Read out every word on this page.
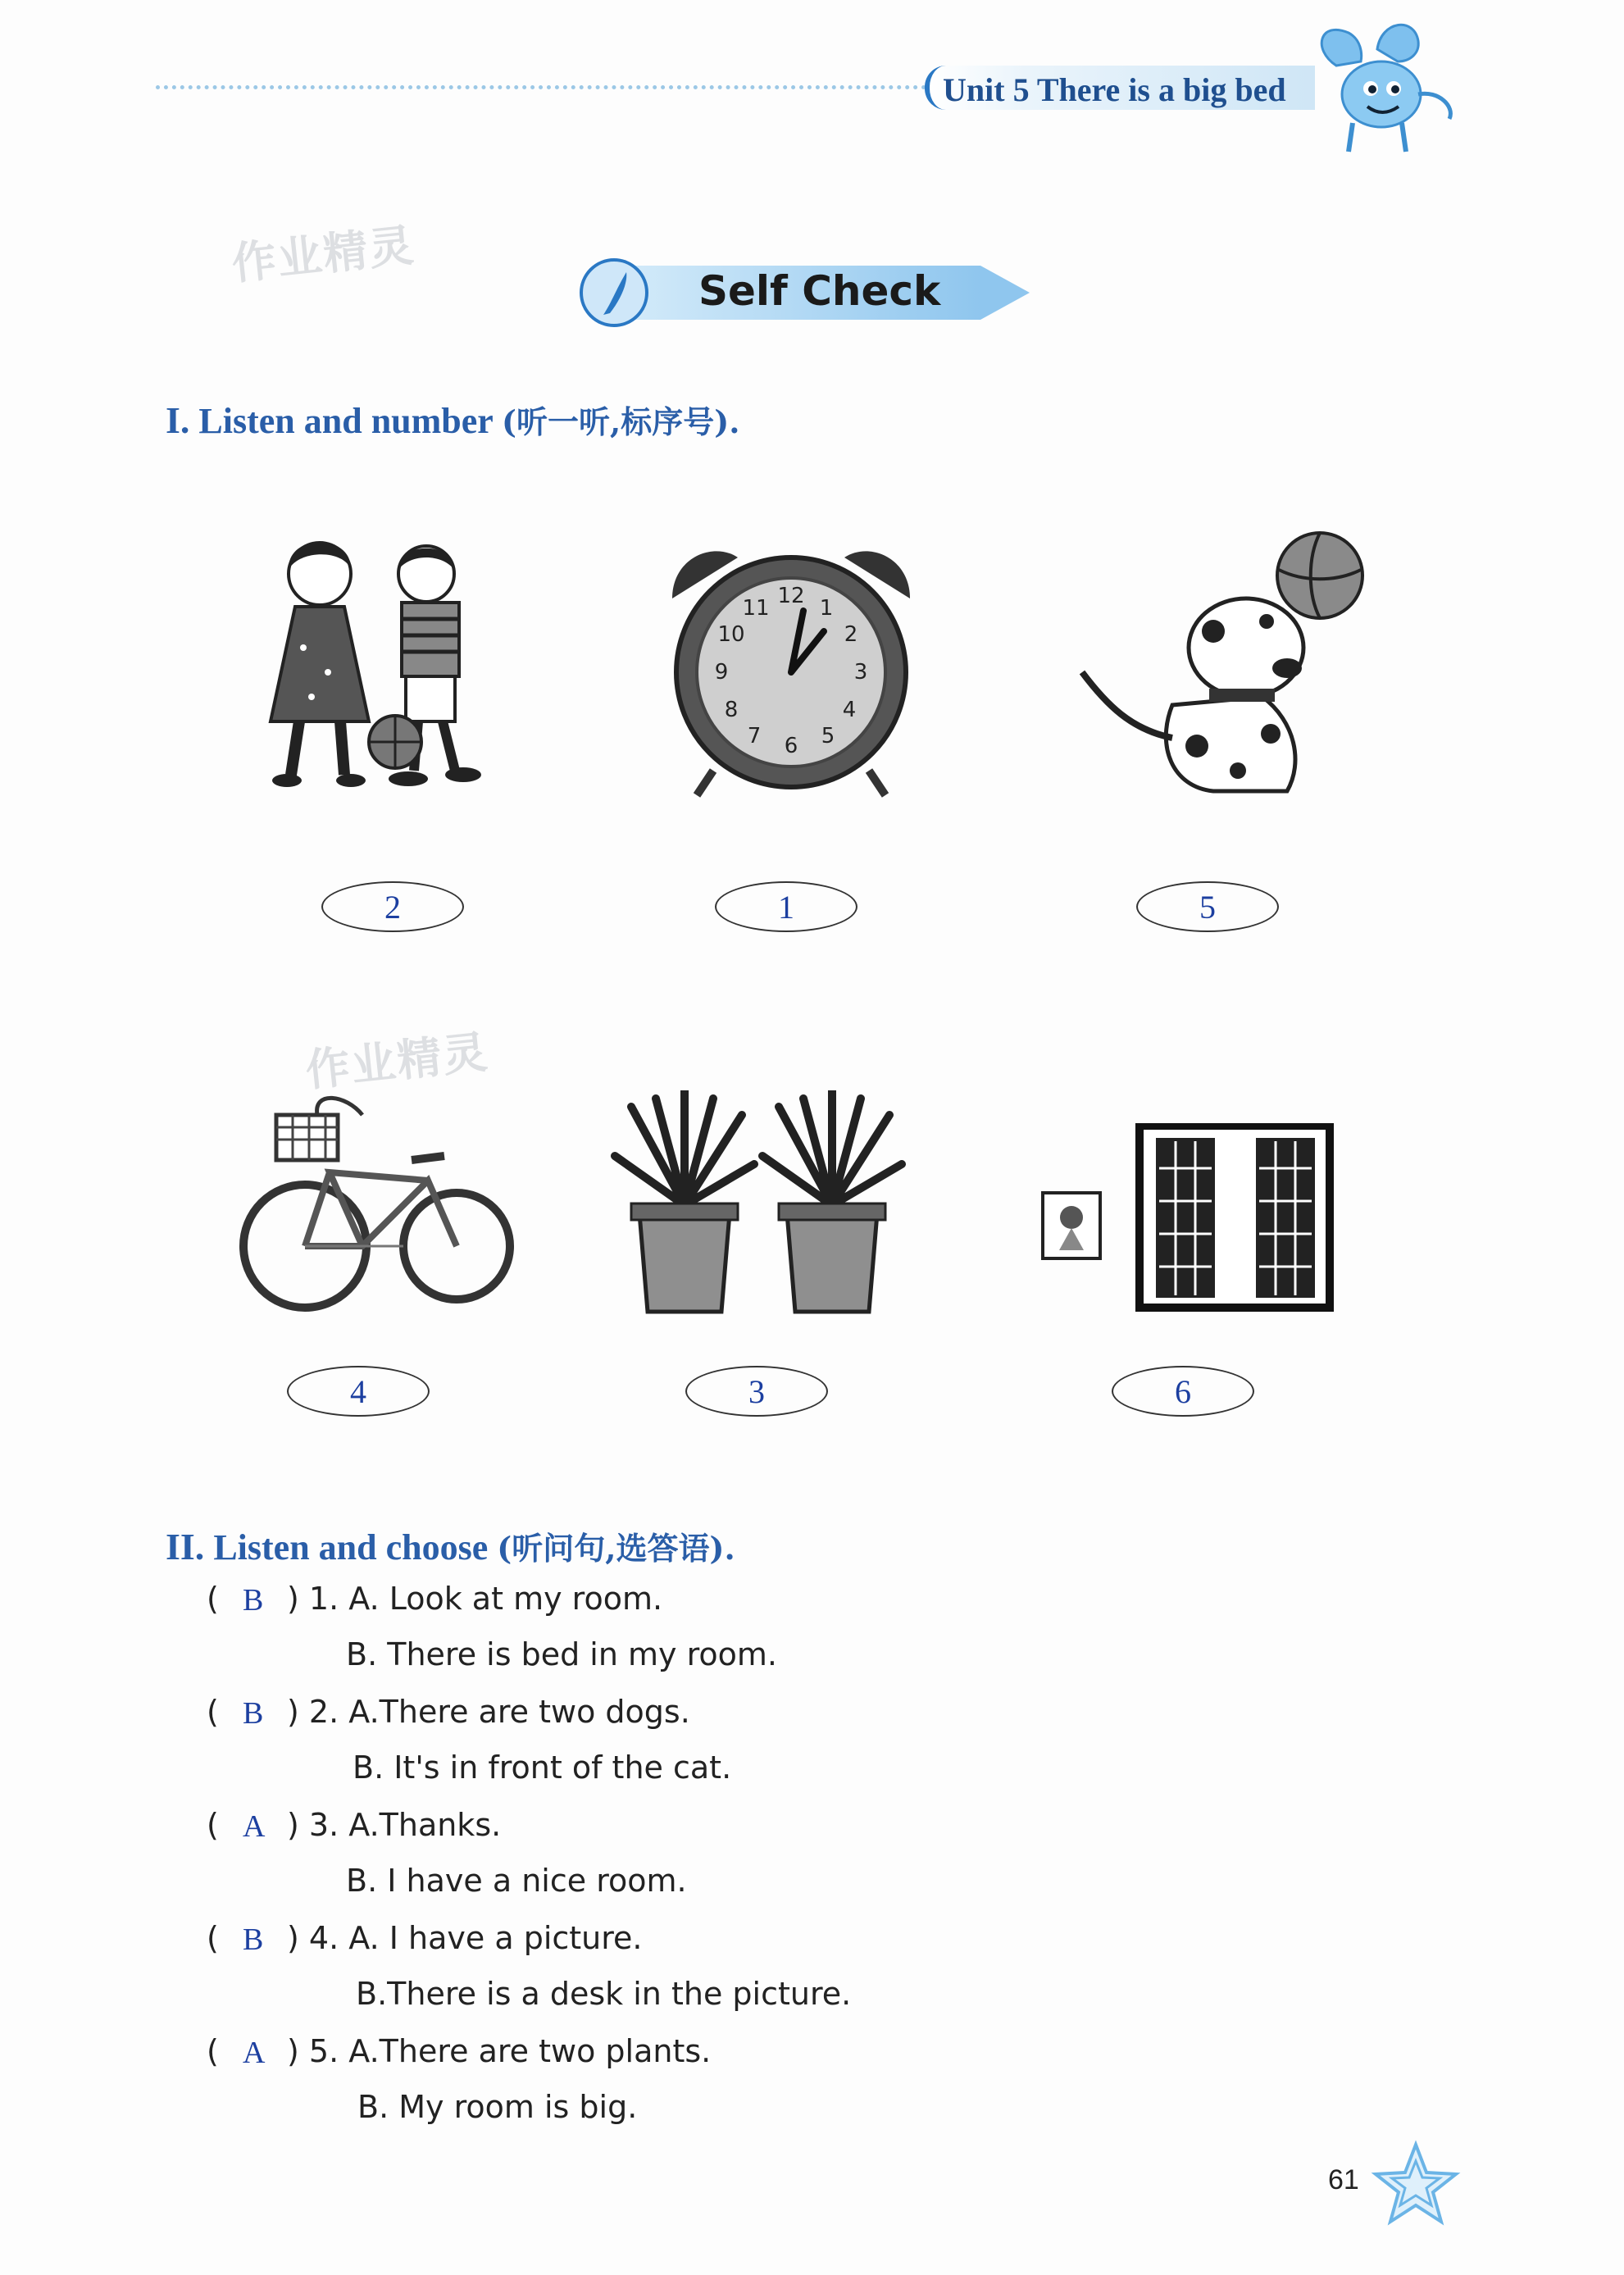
Unit 5 There is a big bed
作业精灵
作业精灵
Self Check
I. Listen and number (听一听,标序号).
12 1
2
3
4
5
6
7
8
9
10
11
2	1	5
4	3	6
II. Listen and choose (听问句,选答语).
( B ) 1. A. Look at my room.
B. There is bed in my room.
( B ) 2. A.There are two dogs.
B. It's in front of the cat.
( A ) 3. A.Thanks.
B. I have a nice room.
( B ) 4. A. I have a picture.
B.There is a desk in the picture.
( A ) 5. A.There are two plants.
B. My room is big.
61
